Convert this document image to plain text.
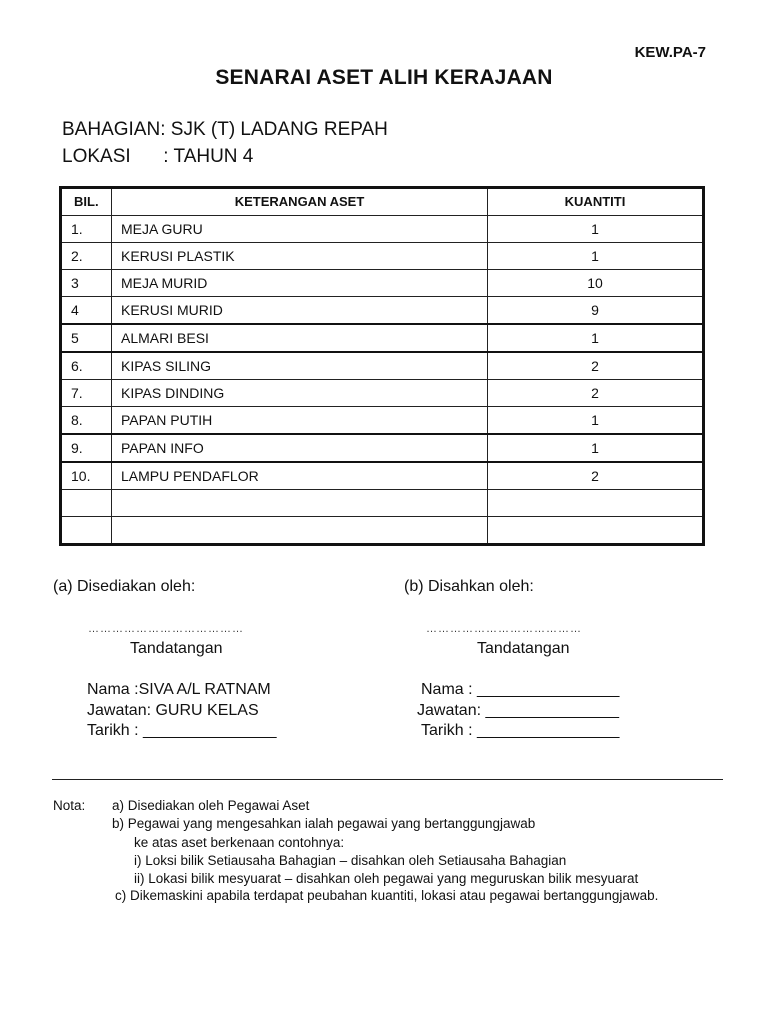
KEW.PA-7
SENARAI ASET ALIH KERAJAAN
BAHAGIAN: SJK (T) LADANG REPAH
LOKASI : TAHUN 4
BIL.	KETERANGAN ASET	KUANTITI
1.	MEJA GURU	1
2.	KERUSI PLASTIK	1
3	MEJA MURID	10
4	KERUSI MURID	9
5	ALMARI BESI	1
6.	KIPAS SILING	2
7.	KIPAS DINDING	2
8.	PAPAN PUTIH	1
9.	PAPAN INFO	1
10.	LAMPU PENDAFLOR	2

(a) Disediakan oleh:
…………………………………
Tandatangan
Nama :SIVA A/L RATNAM
Jawatan: GURU KELAS
Tarikh : _______________
(b) Disahkan oleh:
…………………………………
Tandatangan
Nama : ________________
Jawatan: _______________
Tarikh : ________________
Nota: a) Disediakan oleh Pegawai Aset
b) Pegawai yang mengesahkan ialah pegawai yang bertanggungjawab
ke atas aset berkenaan contohnya:
i) Loksi bilik Setiausaha Bahagian – disahkan oleh Setiausaha Bahagian
ii) Lokasi bilik mesyuarat – disahkan oleh pegawai yang meguruskan bilik mesyuarat
c) Dikemaskini apabila terdapat peubahan kuantiti, lokasi atau pegawai bertanggungjawab.
